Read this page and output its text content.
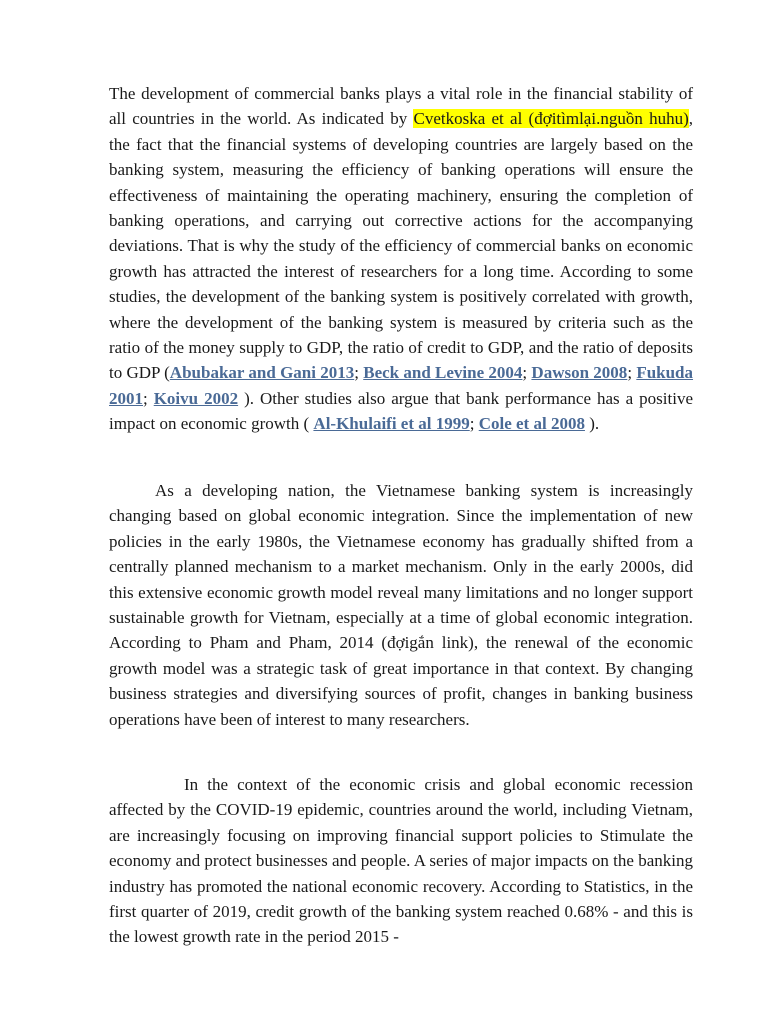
The development of commercial banks plays a vital role in the financial stability of all countries in the world. As indicated by Cvetkoska et al (đợitìmlại.nguồn huhu), the fact that the financial systems of developing countries are largely based on the banking system, measuring the efficiency of banking operations will ensure the effectiveness of maintaining the operating machinery, ensuring the completion of banking operations, and carrying out corrective actions for the accompanying deviations. That is why the study of the efficiency of commercial banks on economic growth has attracted the interest of researchers for a long time. According to some studies, the development of the banking system is positively correlated with growth, where the development of the banking system is measured by criteria such as the ratio of the money supply to GDP, the ratio of credit to GDP, and the ratio of deposits to GDP (Abubakar and Gani 2013; Beck and Levine 2004; Dawson 2008; Fukuda 2001; Koivu 2002 ). Other studies also argue that bank performance has a positive impact on economic growth ( Al-Khulaifi et al 1999; Cole et al 2008 ).

As a developing nation, the Vietnamese banking system is increasingly changing based on global economic integration. Since the implementation of new policies in the early 1980s, the Vietnamese economy has gradually shifted from a centrally planned mechanism to a market mechanism. Only in the early 2000s, did this extensive economic growth model reveal many limitations and no longer support sustainable growth for Vietnam, especially at a time of global economic integration. According to Pham and Pham, 2014 (đợigắn link), the renewal of the economic growth model was a strategic task of great importance in that context. By changing business strategies and diversifying sources of profit, changes in banking business operations have been of interest to many researchers.

In the context of the economic crisis and global economic recession affected by the COVID-19 epidemic, countries around the world, including Vietnam, are increasingly focusing on improving financial support policies to Stimulate the economy and protect businesses and people. A series of major impacts on the banking industry has promoted the national economic recovery. According to Statistics, in the first quarter of 2019, credit growth of the banking system reached 0.68% - and this is the lowest growth rate in the period 2015 -
